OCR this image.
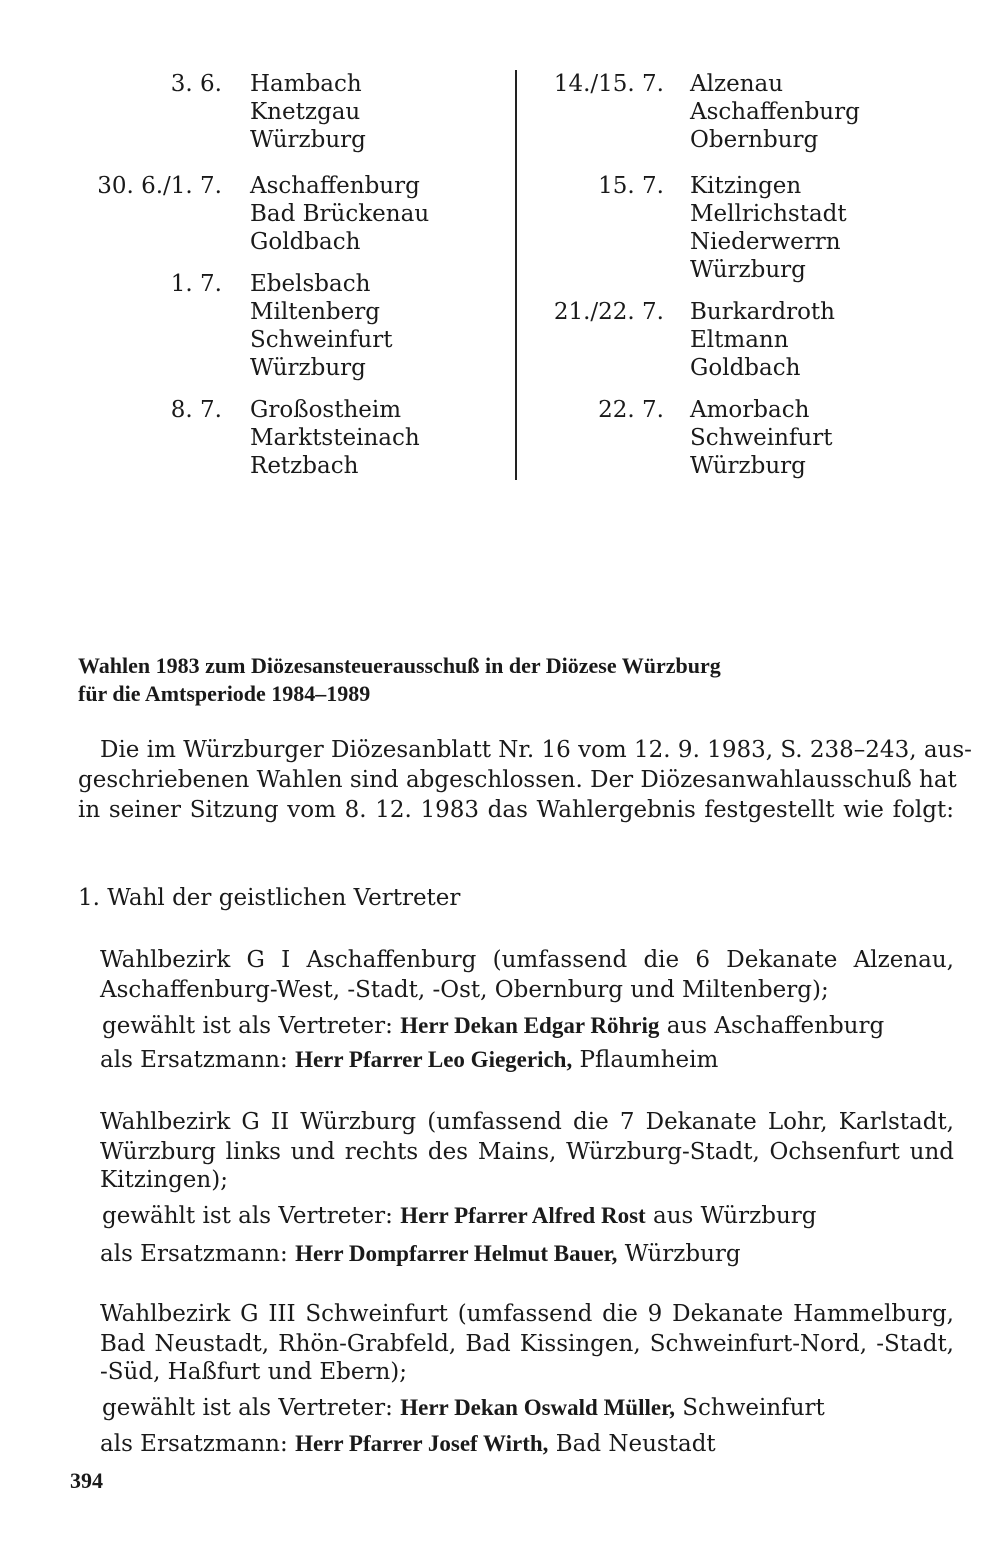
3. 6. Hambach
Knetzgau
Würzburg
30. 6./1. 7. Aschaffenburg
Bad Brückenau
Goldbach
1. 7. Ebelsbach
Miltenberg
Schweinfurt
Würzburg
8. 7. Großostheim
Marktsteinach
Retzbach
14./15. 7. Alzenau
Aschaffenburg
Obernburg
15. 7. Kitzingen
Mellrichstadt
Niederwerrn
Würzburg
21./22. 7. Burkardroth
Eltmann
Goldbach
22. 7. Amorbach
Schweinfurt
Würzburg
Wahlen 1983 zum Diözesansteuerausschuß in der Diözese Würzburg
für die Amtsperiode 1984–1989
Die im Würzburger Diözesanblatt Nr. 16 vom 12. 9. 1983, S. 238–243, aus-
geschriebenen Wahlen sind abgeschlossen. Der Diözesanwahlausschuß hat
in seiner Sitzung vom 8. 12. 1983 das Wahlergebnis festgestellt wie folgt:
1. Wahl der geistlichen Vertreter
Wahlbezirk G I Aschaffenburg (umfassend die 6 Dekanate Alzenau,
Aschaffenburg-West, -Stadt, -Ost, Obernburg und Miltenberg);
gewählt ist als Vertreter: Herr Dekan Edgar Röhrig aus Aschaffenburg
als Ersatzmann: Herr Pfarrer Leo Giegerich, Pflaumheim
Wahlbezirk G II Würzburg (umfassend die 7 Dekanate Lohr, Karlstadt,
Würzburg links und rechts des Mains, Würzburg-Stadt, Ochsenfurt und
Kitzingen);
gewählt ist als Vertreter: Herr Pfarrer Alfred Rost aus Würzburg
als Ersatzmann: Herr Dompfarrer Helmut Bauer, Würzburg
Wahlbezirk G III Schweinfurt (umfassend die 9 Dekanate Hammelburg,
Bad Neustadt, Rhön-Grabfeld, Bad Kissingen, Schweinfurt-Nord, -Stadt,
-Süd, Haßfurt und Ebern);
gewählt ist als Vertreter: Herr Dekan Oswald Müller, Schweinfurt
als Ersatzmann: Herr Pfarrer Josef Wirth, Bad Neustadt
394
